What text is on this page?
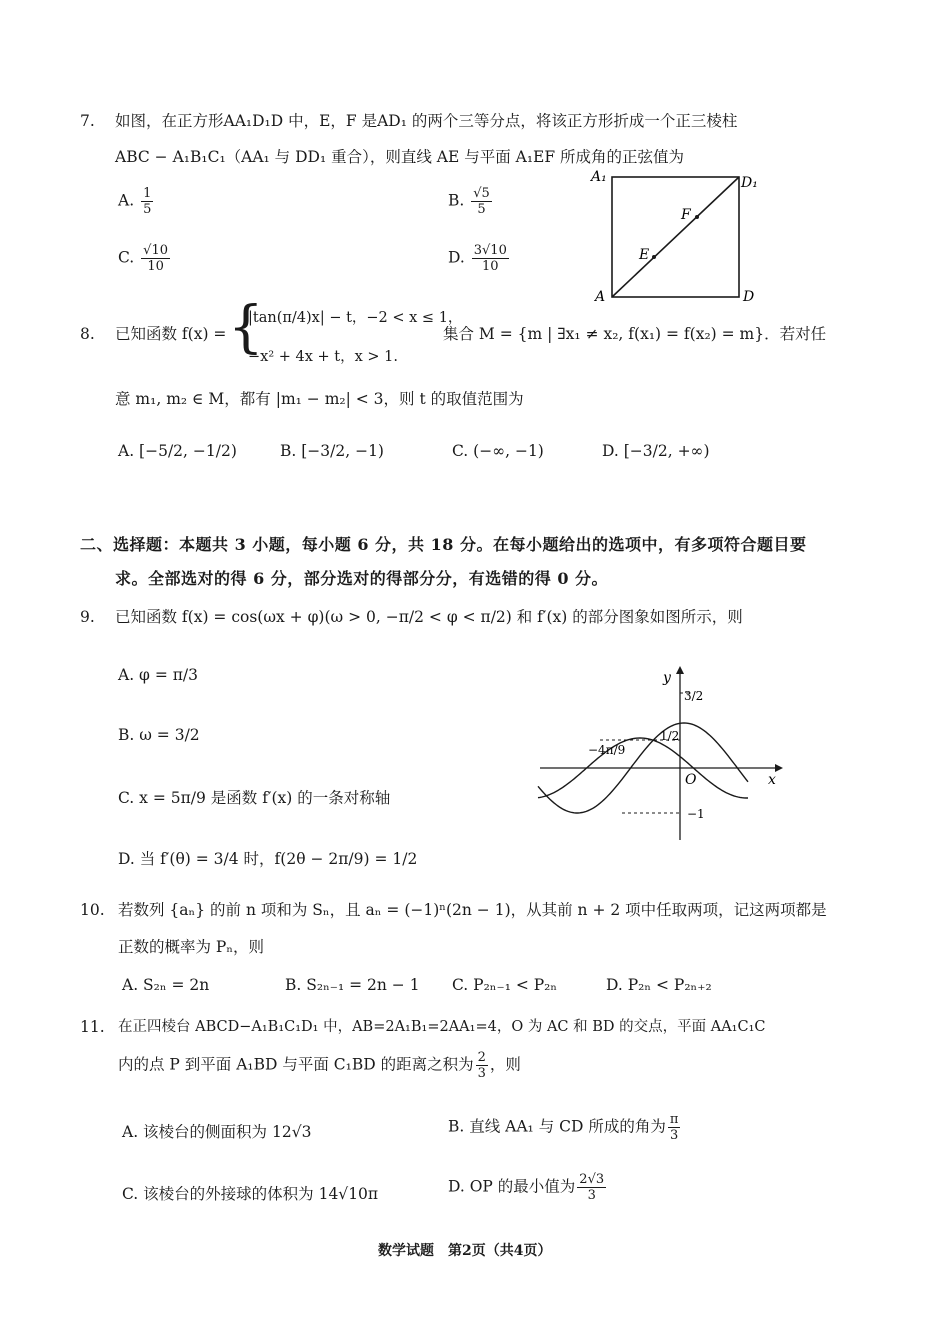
7. 如图，在正方形AA₁D₁D 中，E，F 是AD₁ 的两个三等分点，将该正方形折成一个正三棱柱
ABC − A₁B₁C₁（AA₁ 与 DD₁ 重合），则直线 AE 与平面 A₁EF 所成角的正弦值为
A. $\frac{1}{5}$	B. $\frac{√5}{5}$
C. $\frac{√10}{10}$	D. $\frac{3√10}{10}$
A₁	D₁
A	D
E
F
8. 已知函数 f(x) = {
|tan(π/4)x| − t，−2 < x ≤ 1，
−x² + 4x + t，x > 1.
集合 M = {m | ∃x₁ ≠ x₂, f(x₁) = f(x₂) = m}．若对任
意 m₁, m₂ ∈ M，都有 |m₁ − m₂| < 3，则 t 的取值范围为
A. [−5/2, −1/2)	B. [−3/2, −1)	C. (−∞, −1)	D. [−3/2, +∞)
二、选择题：本题共 3 小题，每小题 6 分，共 18 分。在每小题给出的选项中，有多项符合题目要
求。全部选对的得 6 分，部分选对的得部分分，有选错的得 0 分。
9. 已知函数 f(x) = cos(ωx + φ)(ω > 0, −π/2 < φ < π/2) 和 f′(x) 的部分图象如图所示，则
A. φ = π/3
B. ω = 3/2
C. x = 5π/9 是函数 f′(x) 的一条对称轴
D. 当 f′(θ) = 3/4 时，f(2θ − 2π/9) = 1/2
y
x
O
3/2
1/2
−1
−4π/9
10. 若数列 {aₙ} 的前 n 项和为 Sₙ，且 aₙ = (−1)ⁿ(2n − 1)，从其前 n + 2 项中任取两项，记这两项都是
正数的概率为 Pₙ，则
A. S₂ₙ = 2n	B. S₂ₙ₋₁ = 2n − 1 C. P₂ₙ₋₁ < P₂ₙ	D. P₂ₙ < P₂ₙ₊₂
11. 在正四棱台 ABCD−A₁B₁C₁D₁ 中，AB=2A₁B₁=2AA₁=4，O 为 AC 和 BD 的交点，平面 AA₁C₁C
内的点 P 到平面 A₁BD 与平面 C₁BD 的距离之积为 $\frac{2}{3}$ ，则
A. 该棱台的侧面积为 12√3	B. 直线 AA₁ 与 CD 所成的角为 $\frac{\pi}{3}$
C. 该棱台的外接球的体积为 14√10π	D. OP 的最小值为 $\frac{2√3}{3}$
数学试题　第2页（共4页）
